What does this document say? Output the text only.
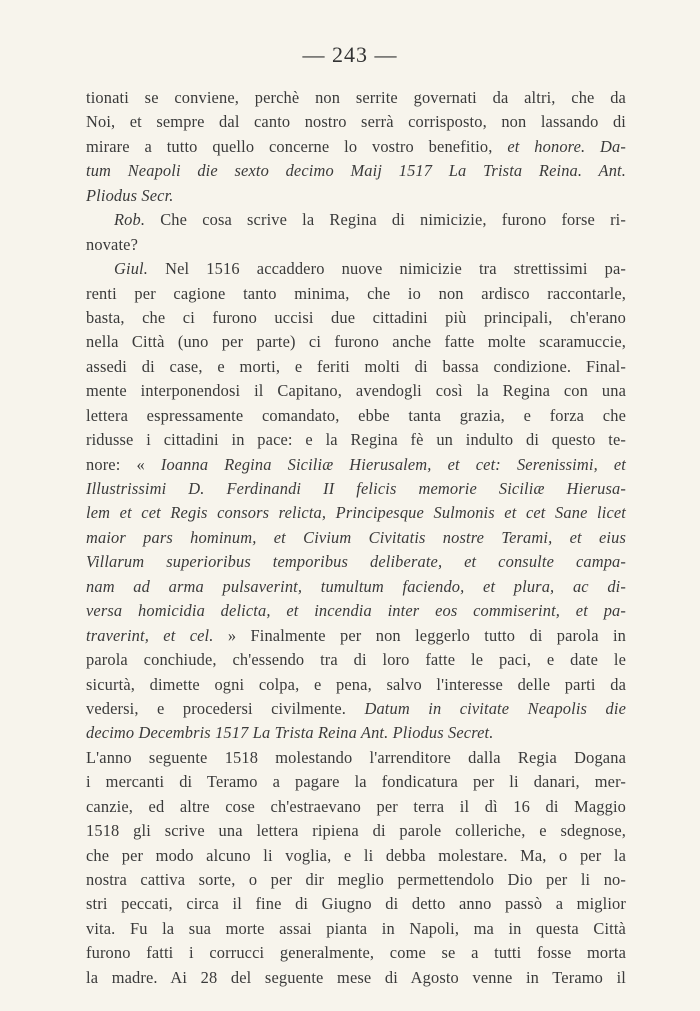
— 243 —
tionati se conviene, perchè non serrite governati da altri, che da
Noi, et sempre dal canto nostro serrà corrisposto, non lassando di
mirare a tutto quello concerne lo vostro benefitio, et honore. Da-
tum Neapoli die sexto decimo Maij 1517 La Trista Reina. Ant.
Pliodus Secr.
Rob. Che cosa scrive la Regina di nimicizie, furono forse ri-
novate?
Giul. Nel 1516 accaddero nuove nimicizie tra strettissimi pa-
renti per cagione tanto minima, che io non ardisco raccontarle,
basta, che ci furono uccisi due cittadini più principali, ch'erano
nella Città (uno per parte) ci furono anche fatte molte scaramuccie,
assedi di case, e morti, e feriti molti di bassa condizione. Final-
mente interponendosi il Capitano, avendogli così la Regina con una
lettera espressamente comandato, ebbe tanta grazia, e forza che
ridusse i cittadini in pace: e la Regina fè un indulto di questo te-
nore: « Ioanna Regina Siciliæ Hierusalem, et cet: Serenissimi, et
Illustrissimi D. Ferdinandi II felicis memorie Siciliæ Hierusa-
lem et cet Regis consors relicta, Principesque Sulmonis et cet Sane licet
maior pars hominum, et Civium Civitatis nostre Terami, et eius
Villarum superioribus temporibus deliberate, et consulte campa-
nam ad arma pulsaverint, tumultum faciendo, et plura, ac di-
versa homicidia delicta, et incendia inter eos commiserint, et pa-
traverint, et cel. » Finalmente per non leggerlo tutto di parola in
parola conchiude, ch'essendo tra di loro fatte le paci, e date le
sicurtà, dimette ogni colpa, e pena, salvo l'interesse delle parti da
vedersi, e procedersi civilmente. Datum in civitate Neapolis die
decimo Decembris 1517 La Trista Reina Ant. Pliodus Secret.
L'anno seguente 1518 molestando l'arrenditore dalla Regia Dogana
i mercanti di Teramo a pagare la fondicatura per li danari, mer-
canzie, ed altre cose ch'estraevano per terra il dì 16 di Maggio
1518 gli scrive una lettera ripiena di parole colleriche, e sdegnose,
che per modo alcuno li voglia, e li debba molestare. Ma, o per la
nostra cattiva sorte, o per dir meglio permettendolo Dio per li no-
stri peccati, circa il fine di Giugno di detto anno passò a miglior
vita. Fu la sua morte assai pianta in Napoli, ma in questa Città
furono fatti i corrucci generalmente, come se a tutti fosse morta
la madre. Ai 28 del seguente mese di Agosto venne in Teramo il
